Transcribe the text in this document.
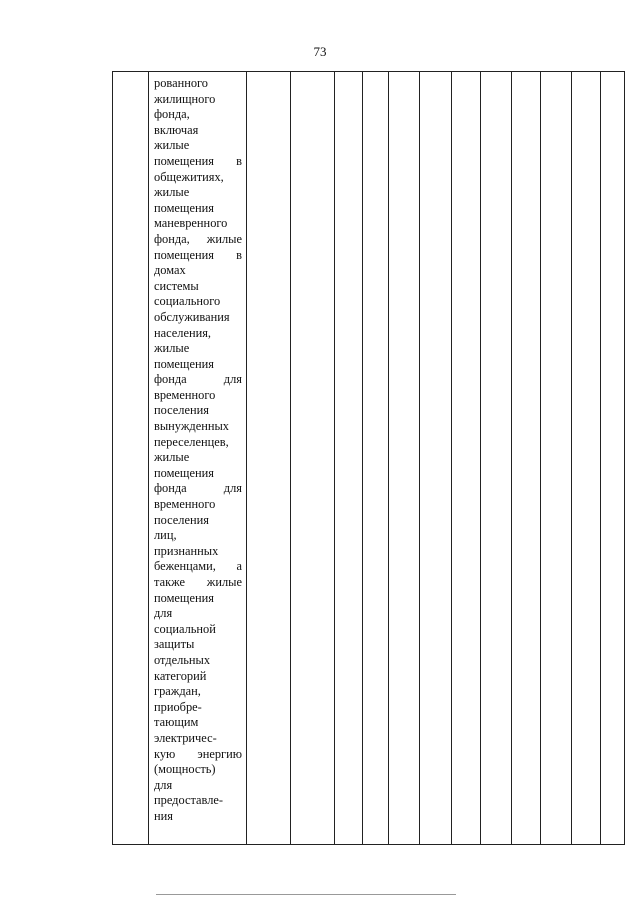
73

рованного
жилищного
фонда,
включая
жилые
помещения в
общежитиях,
жилые
помещения
маневренного
фонда, жилые
помещения в
домах
системы
социального
обслуживания
населения,
жилые
помещения
фонда для
временного
поселения
вынужденных
переселенцев,
жилые
помещения
фонда для
временного
поселения
лиц,
признанных
беженцами, а
также жилые
помещения
для
социальной
защиты
отдельных
категорий
граждан,
приобре-
тающим
электричес-
кую энергию
(мощность)
для
предоставле-
ния
